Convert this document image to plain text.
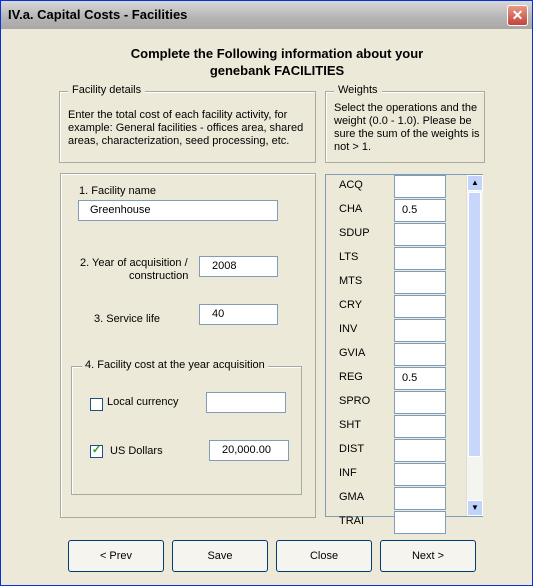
IV.a. Capital Costs - Facilities	✕
Complete the Following information about your
genebank FACILITIES
Facility details
Enter the total cost of each facility activity, for example: General facilities - offices area, shared areas, characterization, seed processing, etc.
Weights
Select the operations and the weight (0.0 - 1.0). Please be sure the sum of the weights is not > 1.
1. Facility name
Greenhouse
2. Year of acquisition /
construction
2008
3. Service life	40
4. Facility cost at the year acquisition
Local currency
✓ US Dollars	20,000.00
ACQ
CHA	0.5
SDUP
LTS
MTS
CRY
INV
GVIA
REG	0.5
SPRO
SHT
DIST
INF
GMA
TRAI
▲
▼
< Prev	Save	Close	Next >
